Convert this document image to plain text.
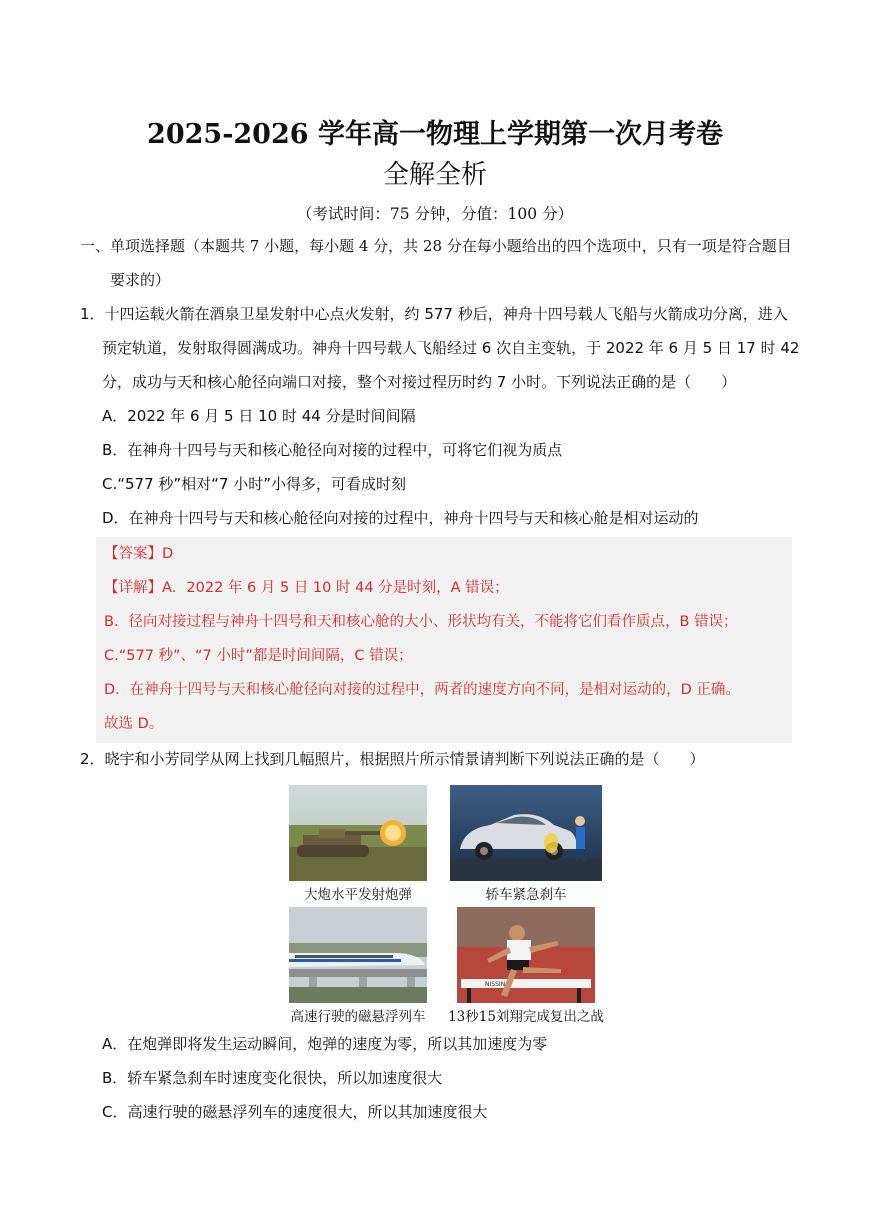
2025-2026 学年高一物理上学期第一次月考卷
全解全析
（考试时间：75 分钟，分值：100 分）
一、单项选择题（本题共 7 小题，每小题 4 分，共 28 分在每小题给出的四个选项中，只有一项是符合题目
要求的）
1．十四运载火箭在酒泉卫星发射中心点火发射，约 577 秒后，神舟十四号载人飞船与火箭成功分离，进入
预定轨道，发射取得圆满成功。神舟十四号载人飞船经过 6 次自主变轨，于 2022 年 6 月 5 日 17 时 42
分，成功与天和核心舱径向端口对接，整个对接过程历时约 7 小时。下列说法正确的是（　　）
A．2022 年 6 月 5 日 10 时 44 分是时间间隔
B．在神舟十四号与天和核心舱径向对接的过程中，可将它们视为质点
C.“577 秒”相对“7 小时”小得多，可看成时刻
D．在神舟十四号与天和核心舱径向对接的过程中，神舟十四号与天和核心舱是相对运动的
【答案】D
【详解】A．2022 年 6 月 5 日 10 时 44 分是时刻，A 错误；
B．径向对接过程与神舟十四号和天和核心舱的大小、形状均有关，不能将它们看作质点，B 错误；
C.“577 秒”、“7 小时”都是时间间隔，C 错误；
D．在神舟十四号与天和核心舱径向对接的过程中，两者的速度方向不同，是相对运动的，D 正确。
故选 D。
2．晓宇和小芳同学从网上找到几幅照片，根据照片所示情景请判断下列说法正确的是（　　）
大炮水平发射炮弹	轿车紧急刹车
高速行驶的磁悬浮列车
NISSIN
13秒15刘翔完成复出之战
A．在炮弹即将发生运动瞬间，炮弹的速度为零，所以其加速度为零
B．轿车紧急刹车时速度变化很快，所以加速度很大
C．高速行驶的磁悬浮列车的速度很大，所以其加速度很大
